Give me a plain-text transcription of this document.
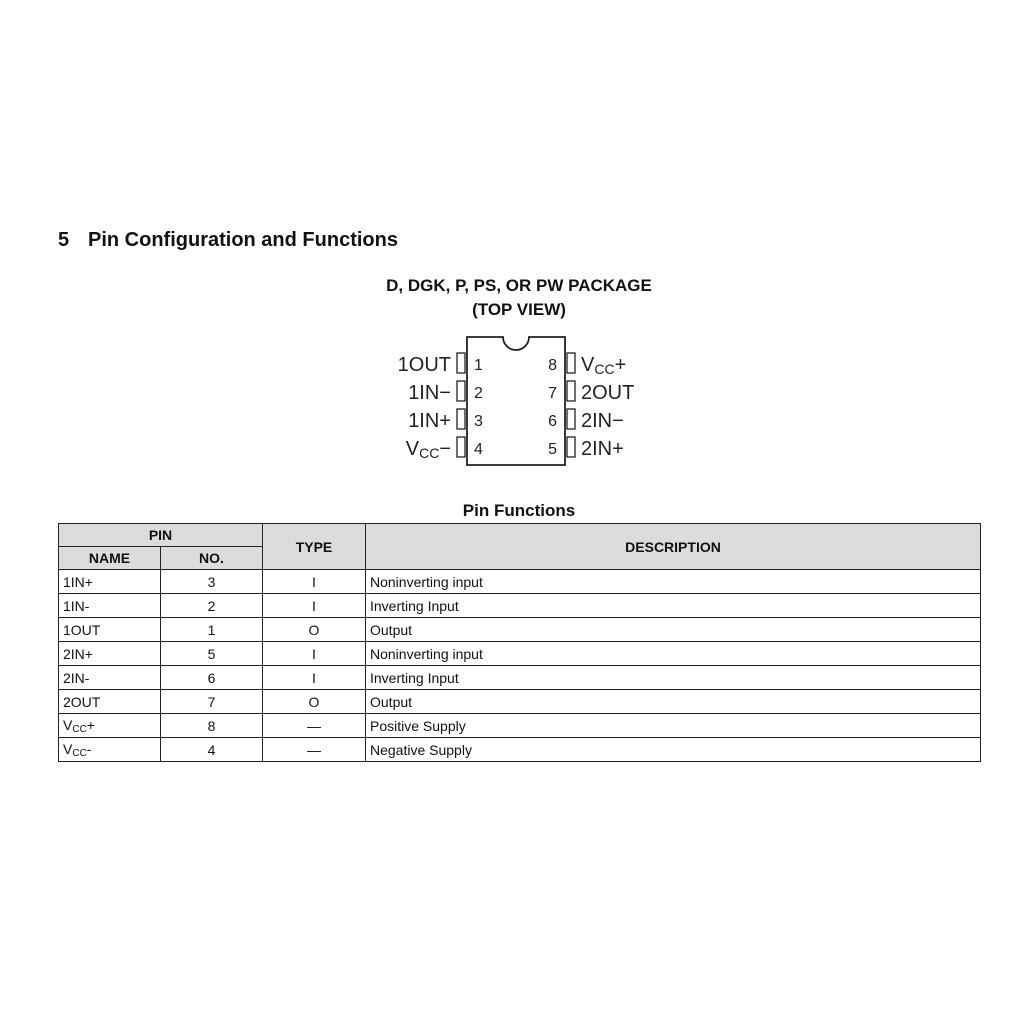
5 Pin Configuration and Functions
D, DGK, P, PS, OR PW PACKAGE
(TOP VIEW)
1OUT
1IN−
1IN+
VCC−
1
2
3
4
8
7
6
5
VCC+
2OUT
2IN−
2IN+
Pin Functions
PIN		TYPE	DESCRIPTION
NAME	NO.		
1IN+	3	I	Noninverting input
1IN-	2	I	Inverting Input
1OUT	1	O	Output
2IN+	5	I	Noninverting input
2IN-	6	I	Inverting Input
2OUT	7	O	Output
$V_{CC}+$	8	—	Positive Supply
$V_{CC}-$	4	—	Negative Supply
